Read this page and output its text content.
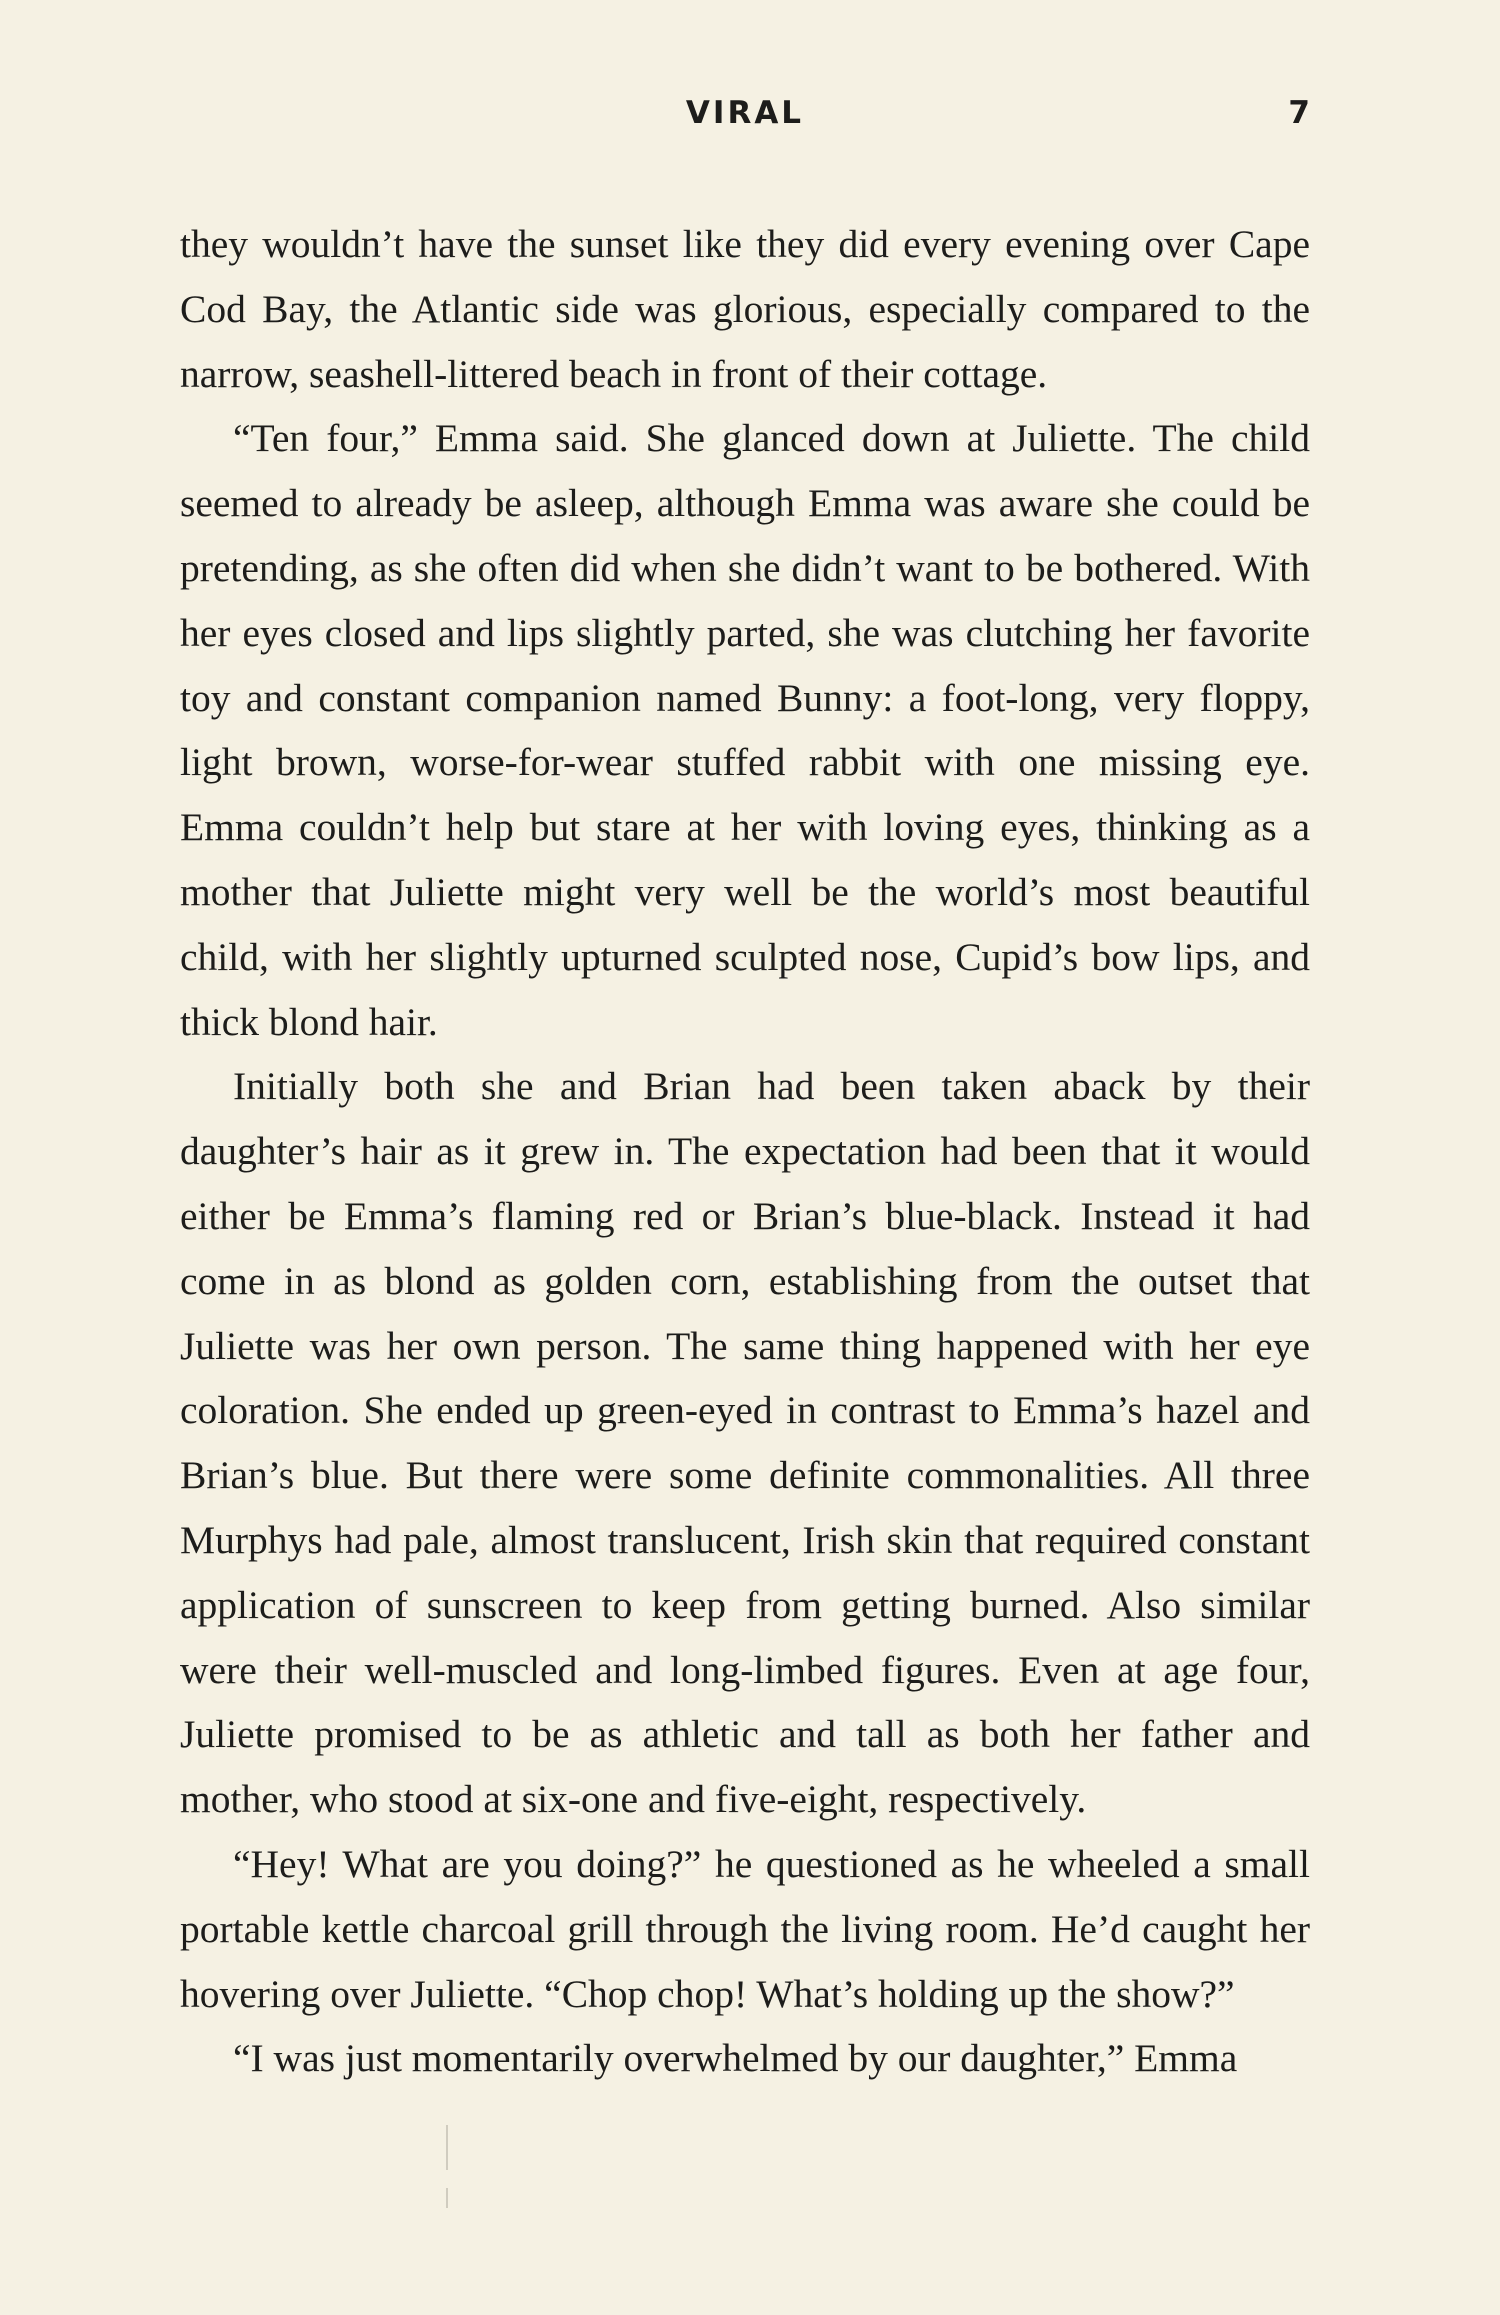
VIRAL	7

they wouldn’t have the sunset like they did every evening over Cape Cod Bay, the Atlantic side was glorious, especially compared to the narrow, seashell-littered beach in front of their cottage.

“Ten four,” Emma said. She glanced down at Juliette. The child seemed to already be asleep, although Emma was aware she could be pretending, as she often did when she didn’t want to be bothered. With her eyes closed and lips slightly parted, she was clutching her favorite toy and constant companion named Bunny: a foot-long, very floppy, light brown, worse-for-wear stuffed rabbit with one missing eye. Emma couldn’t help but stare at her with loving eyes, thinking as a mother that Juliette might very well be the world’s most beautiful child, with her slightly upturned sculpted nose, Cupid’s bow lips, and thick blond hair.

Initially both she and Brian had been taken aback by their daughter’s hair as it grew in. The expectation had been that it would either be Emma’s flaming red or Brian’s blue-black. Instead it had come in as blond as golden corn, establishing from the outset that Juliette was her own person. The same thing happened with her eye coloration. She ended up green-eyed in contrast to Emma’s hazel and Brian’s blue. But there were some definite commonalities. All three Murphys had pale, almost translucent, Irish skin that required constant application of sunscreen to keep from getting burned. Also similar were their well-muscled and long-limbed figures. Even at age four, Juliette promised to be as athletic and tall as both her father and mother, who stood at six-one and five-eight, respectively.

“Hey! What are you doing?” he questioned as he wheeled a small portable kettle charcoal grill through the living room. He’d caught her hovering over Juliette. “Chop chop! What’s holding up the show?”

“I was just momentarily overwhelmed by our daughter,” Emma
